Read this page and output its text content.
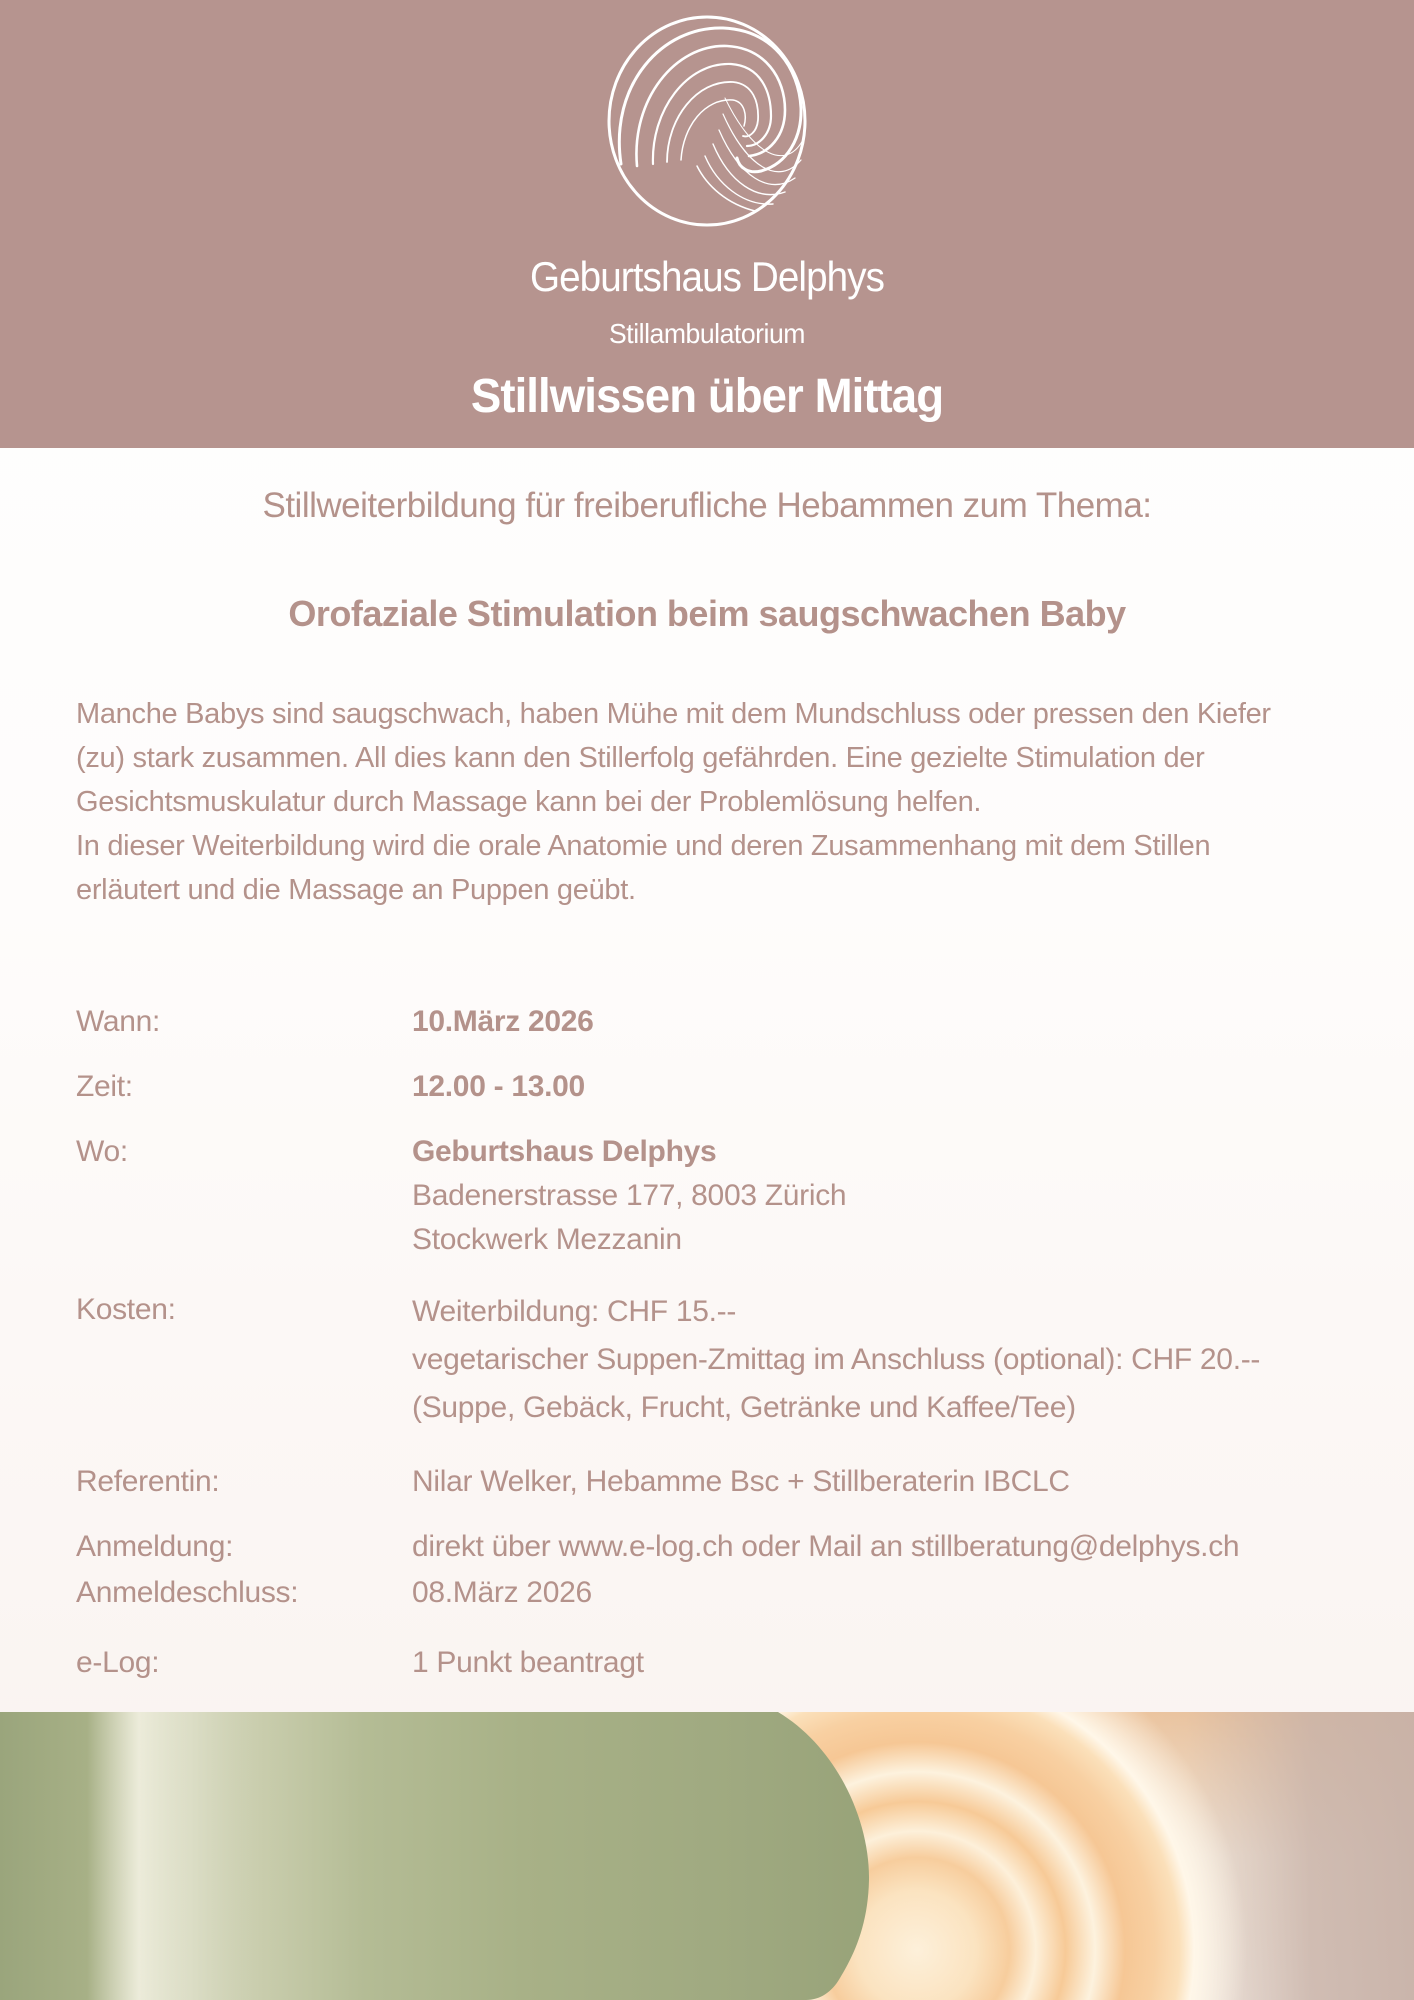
Geburtshaus Delphys
Stillambulatorium
Stillwissen über Mittag
Stillweiterbildung für freiberufliche Hebammen zum Thema:
Orofaziale Stimulation beim saugschwachen Baby
Manche Babys sind saugschwach, haben Mühe mit dem Mundschluss oder pressen den Kiefer
(zu) stark zusammen. All dies kann den Stillerfolg gefährden. Eine gezielte Stimulation der
Gesichtsmuskulatur durch Massage kann bei der Problemlösung helfen.
In dieser Weiterbildung wird die orale Anatomie und deren Zusammenhang mit dem Stillen
erläutert und die Massage an Puppen geübt.
Wann:	10.März 2026
Zeit:	12.00 - 13.00
Wo:	Geburtshaus Delphys
Badenerstrasse 177, 8003 Zürich
Stockwerk Mezzanin
Kosten:	Weiterbildung: CHF 15.--
vegetarischer Suppen-Zmittag im Anschluss (optional): CHF 20.--
(Suppe, Gebäck, Frucht, Getränke und Kaffee/Tee)
Referentin:	Nilar Welker, Hebamme Bsc + Stillberaterin IBCLC
Anmeldung:	direkt über www.e-log.ch oder Mail an stillberatung@delphys.ch
Anmeldeschluss:	08.März 2026
e-Log:	1 Punkt beantragt
